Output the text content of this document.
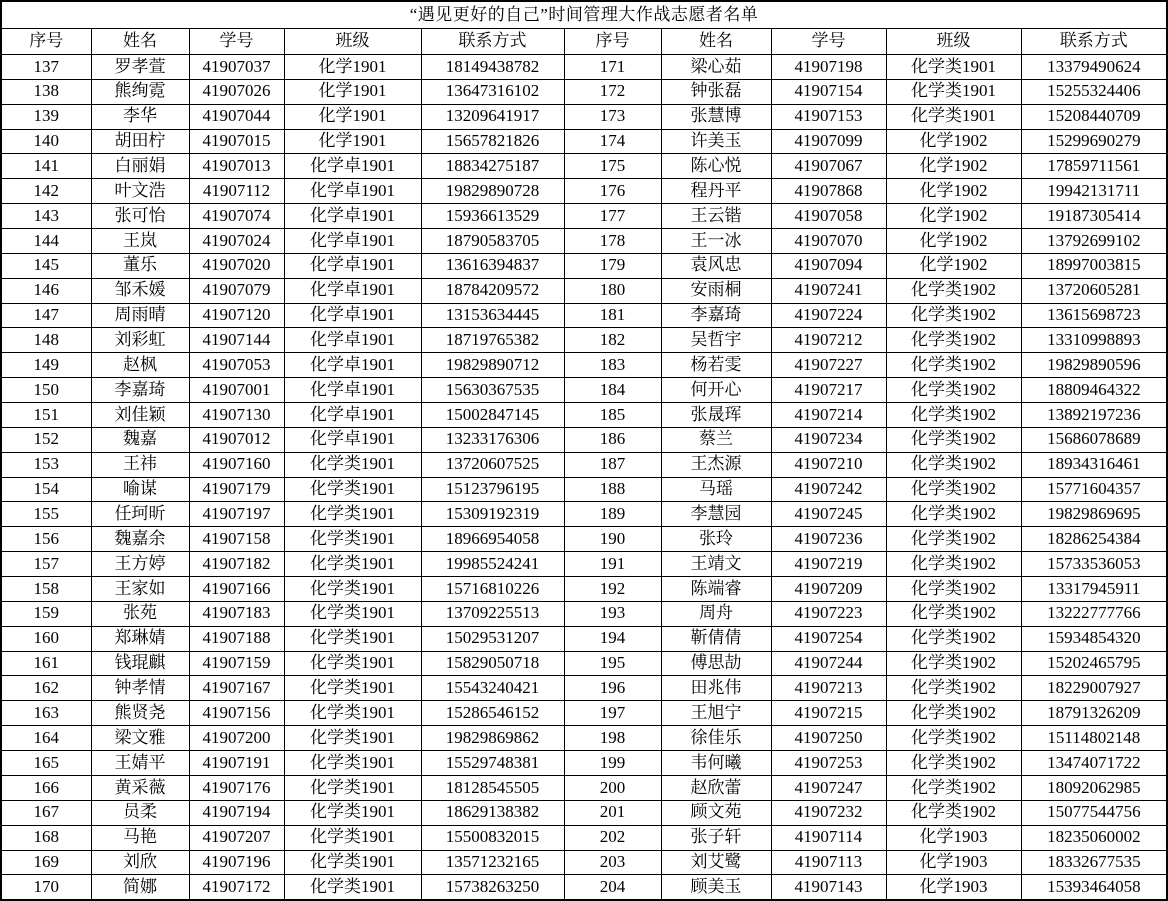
“遇见更好的自己”时间管理大作战志愿者名单									
序号	姓名	学号	班级	联系方式	序号	姓名	学号	班级	联系方式
137	罗孝萱	41907037	化学1901	18149438782	171	梁心茹	41907198	化学类1901	13379490624
138	熊绚霓	41907026	化学1901	13647316102	172	钟张磊	41907154	化学类1901	15255324406
139	李华	41907044	化学1901	13209641917	173	张慧博	41907153	化学类1901	15208440709
140	胡田柠	41907015	化学1901	15657821826	174	许美玉	41907099	化学1902	15299690279
141	白丽娟	41907013	化学卓1901	18834275187	175	陈心悦	41907067	化学1902	17859711561
142	叶文浩	41907112	化学卓1901	19829890728	176	程丹平	41907868	化学1902	19942131711
143	张可怡	41907074	化学卓1901	15936613529	177	王云锴	41907058	化学1902	19187305414
144	王岚	41907024	化学卓1901	18790583705	178	王一冰	41907070	化学1902	13792699102
145	董乐	41907020	化学卓1901	13616394837	179	袁风忠	41907094	化学1902	18997003815
146	邹禾媛	41907079	化学卓1901	18784209572	180	安雨桐	41907241	化学类1902	13720605281
147	周雨晴	41907120	化学卓1901	13153634445	181	李嘉琦	41907224	化学类1902	13615698723
148	刘彩虹	41907144	化学卓1901	18719765382	182	吴哲宇	41907212	化学类1902	13310998893
149	赵枫	41907053	化学卓1901	19829890712	183	杨若雯	41907227	化学类1902	19829890596
150	李嘉琦	41907001	化学卓1901	15630367535	184	何开心	41907217	化学类1902	18809464322
151	刘佳颖	41907130	化学卓1901	15002847145	185	张晟珲	41907214	化学类1902	13892197236
152	魏嘉	41907012	化学卓1901	13233176306	186	蔡兰	41907234	化学类1902	15686078689
153	王祎	41907160	化学类1901	13720607525	187	王杰源	41907210	化学类1902	18934316461
154	喻谋	41907179	化学类1901	15123796195	188	马瑶	41907242	化学类1902	15771604357
155	任珂昕	41907197	化学类1901	15309192319	189	李慧园	41907245	化学类1902	19829869695
156	魏嘉余	41907158	化学类1901	18966954058	190	张玲	41907236	化学类1902	18286254384
157	王方婷	41907182	化学类1901	19985524241	191	王靖文	41907219	化学类1902	15733536053
158	王家如	41907166	化学类1901	15716810226	192	陈端睿	41907209	化学类1902	13317945911
159	张苑	41907183	化学类1901	13709225513	193	周舟	41907223	化学类1902	13222777766
160	郑琳婧	41907188	化学类1901	15029531207	194	靳倩倩	41907254	化学类1902	15934854320
161	钱琨麒	41907159	化学类1901	15829050718	195	傅思劼	41907244	化学类1902	15202465795
162	钟孝情	41907167	化学类1901	15543240421	196	田兆伟	41907213	化学类1902	18229007927
163	熊贤尧	41907156	化学类1901	15286546152	197	王旭宁	41907215	化学类1902	18791326209
164	梁文雅	41907200	化学类1901	19829869862	198	徐佳乐	41907250	化学类1902	15114802148
165	王婧平	41907191	化学类1901	15529748381	199	韦何曦	41907253	化学类1902	13474071722
166	黄采薇	41907176	化学类1901	18128545505	200	赵欣蕾	41907247	化学类1902	18092062985
167	员柔	41907194	化学类1901	18629138382	201	顾文苑	41907232	化学类1902	15077544756
168	马艳	41907207	化学类1901	15500832015	202	张子轩	41907114	化学1903	18235060002
169	刘欣	41907196	化学类1901	13571232165	203	刘艾鹭	41907113	化学1903	18332677535
170	简娜	41907172	化学类1901	15738263250	204	顾美玉	41907143	化学1903	15393464058
